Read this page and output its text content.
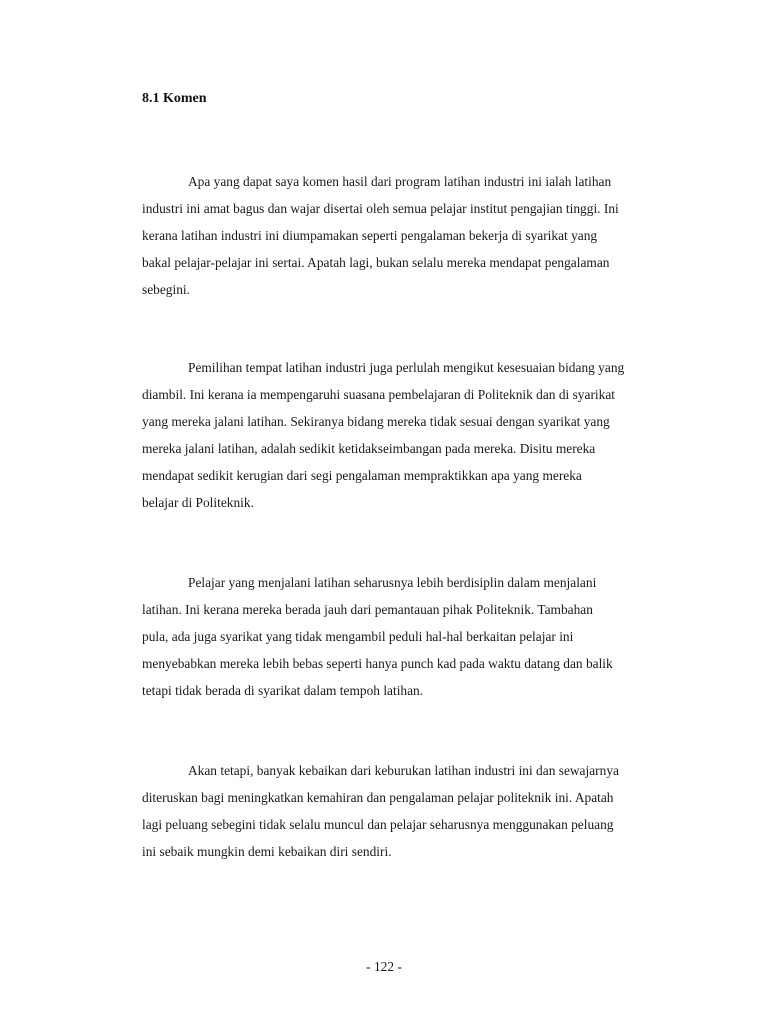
8.1 Komen
Apa yang dapat saya komen hasil dari program latihan industri ini ialah latihan
industri ini amat bagus dan wajar disertai oleh semua pelajar institut pengajian tinggi. Ini
kerana latihan industri ini diumpamakan seperti pengalaman bekerja di syarikat yang
bakal pelajar-pelajar ini sertai. Apatah lagi, bukan selalu mereka mendapat pengalaman
sebegini.
Pemilihan tempat latihan industri juga perlulah mengikut kesesuaian bidang yang
diambil. Ini kerana ia mempengaruhi suasana pembelajaran di Politeknik dan di syarikat
yang mereka jalani latihan. Sekiranya bidang mereka tidak sesuai dengan syarikat yang
mereka jalani latihan, adalah sedikit ketidakseimbangan pada mereka. Disitu mereka
mendapat sedikit kerugian dari segi pengalaman mempraktikkan apa yang mereka
belajar di Politeknik.
Pelajar yang menjalani latihan seharusnya lebih berdisiplin dalam menjalani
latihan. Ini kerana mereka berada jauh dari pemantauan pihak Politeknik. Tambahan
pula, ada juga syarikat yang tidak mengambil peduli hal-hal berkaitan pelajar ini
menyebabkan mereka lebih bebas seperti hanya punch kad pada waktu datang dan balik
tetapi tidak berada di syarikat dalam tempoh latihan.
Akan tetapi, banyak kebaikan dari keburukan latihan industri ini dan sewajarnya
diteruskan bagi meningkatkan kemahiran dan pengalaman pelajar politeknik ini. Apatah
lagi peluang sebegini tidak selalu muncul dan pelajar seharusnya menggunakan peluang
ini sebaik mungkin demi kebaikan diri sendiri.

- 122 -
